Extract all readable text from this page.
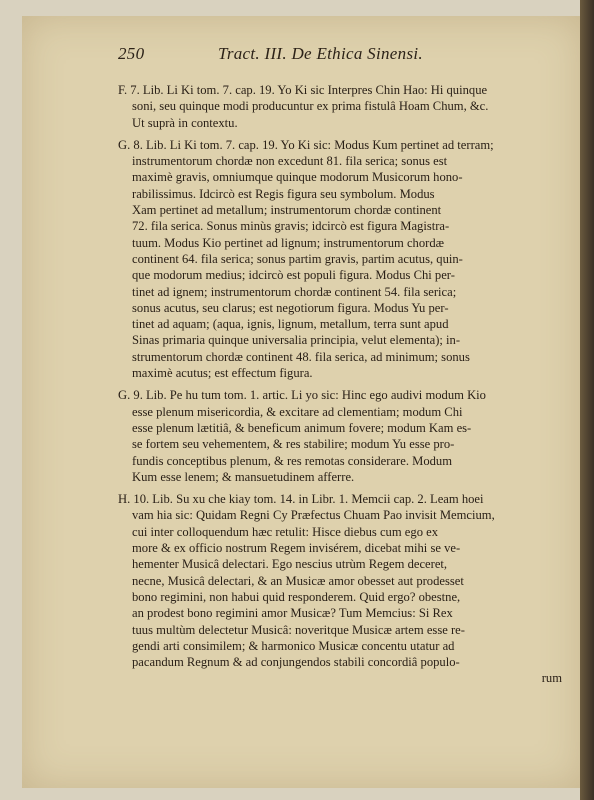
250	Tract. III. De Ethica Sinensi.
F. 7. Lib. Li Ki tom. 7. cap. 19. Yo Ki sic Interpres Chin Hao: Hi quinque
soni, seu quinque modi producuntur ex prima fistulâ Hoam Chum, &c.
Ut suprà in contextu.
G. 8. Lib. Li Ki tom. 7. cap. 19. Yo Ki sic: Modus Kum pertinet ad terram;
instrumentorum chordæ non excedunt 81. fila serica; sonus est
maximè gravis, omniumque quinque modorum Musicorum hono-
rabilissimus. Idcircò est Regis figura seu symbolum. Modus
Xam pertinet ad metallum; instrumentorum chordæ continent
72. fila serica. Sonus minùs gravis; idcircò est figura Magistra-
tuum. Modus Kio pertinet ad lignum; instrumentorum chordæ
continent 64. fila serica; sonus partim gravis, partim acutus, quin-
que modorum medius; idcircò est populi figura. Modus Chi per-
tinet ad ignem; instrumentorum chordæ continent 54. fila serica;
sonus acutus, seu clarus; est negotiorum figura. Modus Yu per-
tinet ad aquam; (aqua, ignis, lignum, metallum, terra sunt apud
Sinas primaria quinque universalia principia, velut elementa); in-
strumentorum chordæ continent 48. fila serica, ad minimum; sonus
maximè acutus; est effectum figura.
G. 9. Lib. Pe hu tum tom. 1. artic. Li yo sic: Hinc ego audivi modum Kio
esse plenum misericordia, & excitare ad clementiam; modum Chi
esse plenum lætitiâ, & beneficum animum fovere; modum Kam es-
se fortem seu vehementem, & res stabilire; modum Yu esse pro-
fundis conceptibus plenum, & res remotas considerare. Modum
Kum esse lenem; & mansuetudinem afferre.
H. 10. Lib. Su xu che kiay tom. 14. in Libr. 1. Memcii cap. 2. Leam hoei
vam hia sic: Quidam Regni Cy Præfectus Chuam Pao invisit Memcium,
cui inter colloquendum hæc retulit: Hisce diebus cum ego ex
more & ex officio nostrum Regem invisérem, dicebat mihi se ve-
hementer Musicâ delectari. Ego nescius utrùm Regem deceret,
necne, Musicâ delectari, & an Musicæ amor obesset aut prodesset
bono regimini, non habui quid responderem. Quid ergo? obestne,
an prodest bono regimini amor Musicæ? Tum Memcius: Si Rex
tuus multùm delectetur Musicâ: noveritque Musicæ artem esse re-
gendi arti consimilem; & harmonico Musicæ concentu utatur ad
pacandum Regnum & ad conjungendos stabili concordiâ populo-
rum
